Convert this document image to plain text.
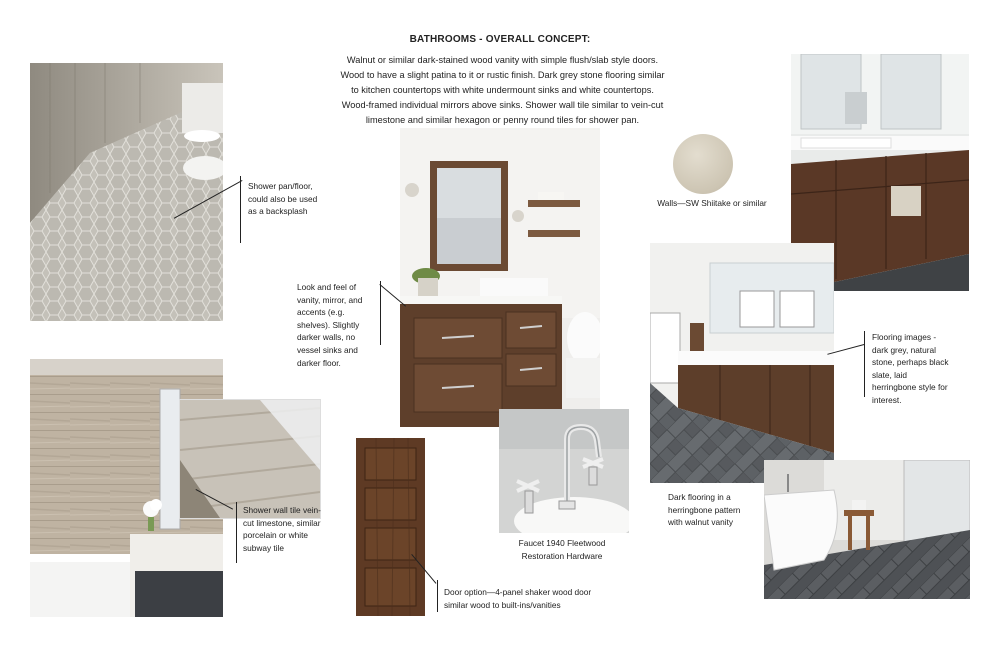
BATHROOMS - OVERALL CONCEPT:
Walnut or similar dark-stained wood vanity with simple flush/slab style doors. Wood to have a slight patina to it or rustic finish. Dark grey stone flooring similar to kitchen countertops with white undermount sinks and white countertops. Wood-framed individual mirrors above sinks. Shower wall tile similar to vein-cut limestone and similar hexagon or penny round tiles for shower pan.
Shower pan/floor, could also be used as a backsplash
Look and feel of vanity, mirror, and accents (e.g. shelves). Slightly darker walls, no vessel sinks and darker floor.
Walls—SW Shiitake or similar
Flooring images - dark grey, natural stone, perhaps black slate, laid herringbone style for interest.
Shower wall tile vein-cut limestone, similar porcelain or white subway tile
Door option—4-panel shaker wood door similar wood to built-ins/vanities
Faucet 1940 Fleetwood Restoration Hardware
Dark flooring in a herringbone pattern with walnut vanity
